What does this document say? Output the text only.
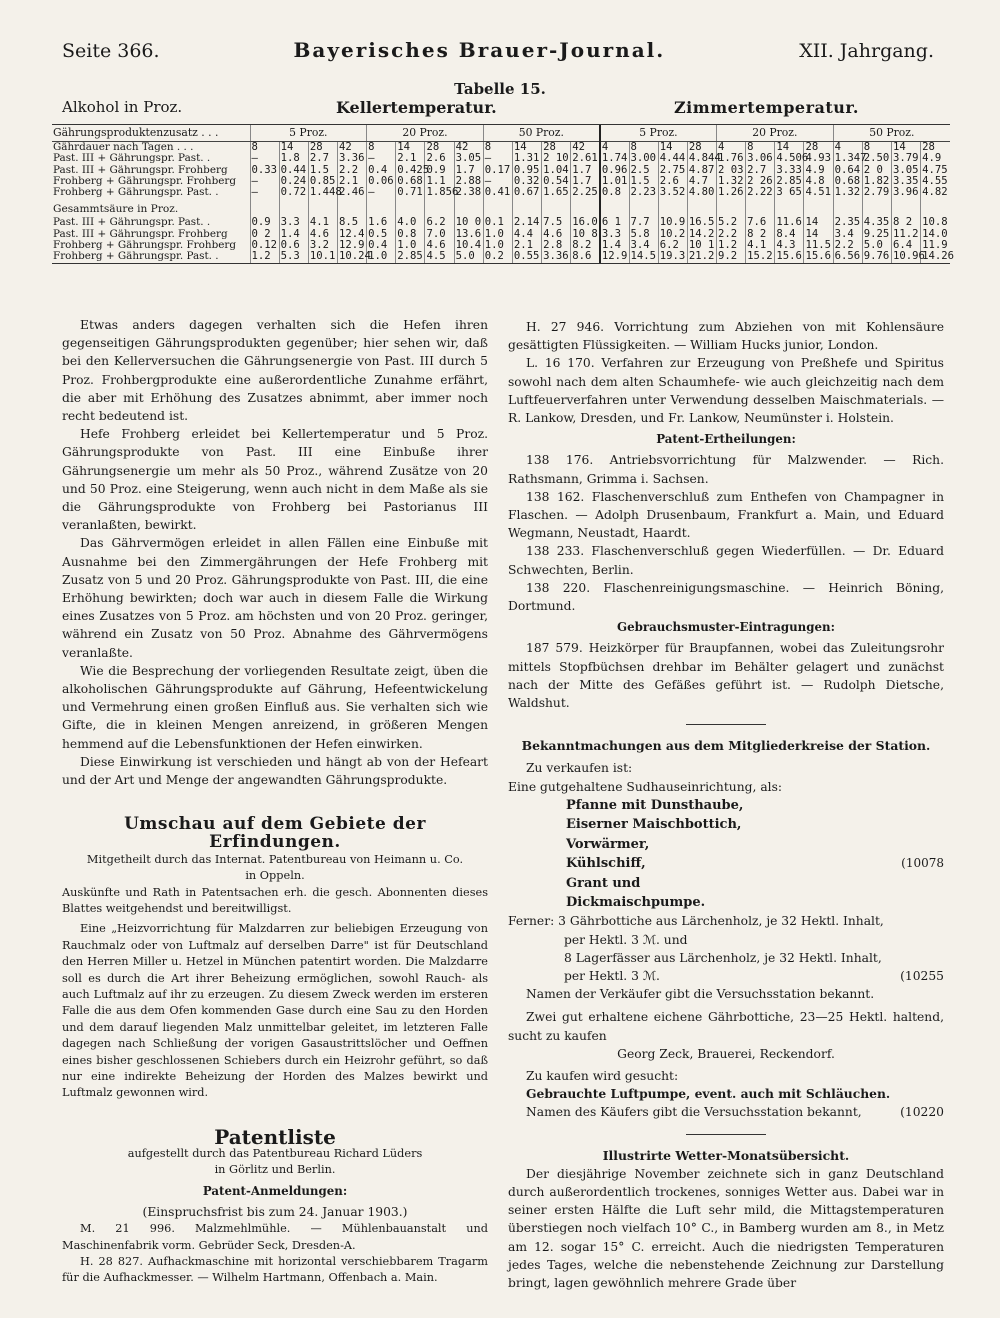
Seite 366.	Bayerisches Brauer-Journal.	XII. Jahrgang.
Tabelle 15.
Alkohol in Proz.	Kellertemperatur.	Zimmertemperatur.
Gährungsproduktenzusatz . . .	5 Proz.				20 Proz.				50 Proz.				5 Proz.				20 Proz.				50 Proz.			
Gährdauer nach Tagen . . .	8	14	28	42	8	14	28	42	8	14	28	42	4	8	14	28	4	8	14	28	4	8	14	28
Past. III + Gährungspr. Past. .	—	1.8	2.7	3.36	—	2.1	2.6	3.05	—	1.31	2 10	2.61	1.74	3.00	4.44	4.844	1.76	3.06	4.506	4.93	1.347	2.50	3.79	4.9
Past. III + Gährungspr. Frohberg	0.33	0.44	1.5	2.2	0.4	0.425	0.9	1.7	0.17	0.95	1.04	1.7	0.96	2.5	2.75	4.87	2 03	2.7	3.33	4.9	0.64	2 0	3.05	4.75
Frohberg + Gährungspr. Frohberg	—	0.24	0.85	2.1	0.06	0.68	1.1	2.88	—	0.32	0.54	1.7	1.01	1.5	2.6	4.7	1.32	2 26	2.85	4.8	0.68	1.82	3.35	4.55
Frohberg + Gährungspr. Past. .	—	0.72	1.448	2.46	—	0.71	1.856	2.38	0.41	0.67	1.65	2.25	0.8	2.23	3.52	4.80	1.26	2.22	3 65	4.51	1.32	2.79	3.96	4.82
Gesammtsäure in Proz.																								
Past. III + Gährungspr. Past. .	0.9	3.3	4.1	8.5	1.6	4.0	6.2	10 0	0.1	2.14	7.5	16.0	6 1	7.7	10.9	16.5	5.2	7.6	11.6	14	2.35	4.35	8 2	10.8
Past. III + Gährungspr. Frohberg	0 2	1.4	4.6	12.4	0.5	0.8	7.0	13.6	1.0	4.4	4.6	10 8	3.3	5.8	10.2	14.2	2.2	8 2	8.4	14	3.4	9.25	11.2	14.0
Frohberg + Gährungspr. Frohberg	0.12	0.6	3.2	12.9	0.4	1.0	4.6	10.4	1.0	2.1	2.8	8.2	1.4	3.4	6.2	10 1	1.2	4.1	4.3	11.5	2.2	5.0	6.4	11.9
Frohberg + Gährungspr. Past. .	1.2	5.3	10.1	10.24	1.0	2.85	4.5	5.0	0.2	0.55	3.36	8.6	12.9	14.5	19.3	21.2	9.2	15.2	15.6	15.6	6.56	9.76	10.96	14.26

Etwas anders dagegen verhalten sich die Hefen ihren gegenseitigen Gährungsprodukten gegenüber; hier sehen wir, daß bei den Kellerversuchen die Gährungsenergie von Past. III durch 5 Proz. Frohbergprodukte eine außerordentliche Zunahme erfährt, die aber mit Erhöhung des Zusatzes abnimmt, aber immer noch recht bedeutend ist.

Hefe Frohberg erleidet bei Kellertemperatur und 5 Proz. Gährungsprodukte von Past. III eine Einbuße ihrer Gährungsenergie um mehr als 50 Proz., während Zusätze von 20 und 50 Proz. eine Steigerung, wenn auch nicht in dem Maße als sie die Gährungsprodukte von Frohberg bei Pastorianus III veranlaßten, bewirkt.

Das Gährvermögen erleidet in allen Fällen eine Einbuße mit Ausnahme bei den Zimmergährungen der Hefe Frohberg mit Zusatz von 5 und 20 Proz. Gährungsprodukte von Past. III, die eine Erhöhung bewirkten; doch war auch in diesem Falle die Wirkung eines Zusatzes von 5 Proz. am höchsten und von 20 Proz. geringer, während ein Zusatz von 50 Proz. Abnahme des Gährvermögens veranlaßte.

Wie die Besprechung der vorliegenden Resultate zeigt, üben die alkoholischen Gährungsprodukte auf Gährung, Hefeentwickelung und Vermehrung einen großen Einfluß aus. Sie verhalten sich wie Gifte, die in kleinen Mengen anreizend, in größeren Mengen hemmend auf die Lebensfunktionen der Hefen einwirken.

Diese Einwirkung ist verschieden und hängt ab von der Hefeart und der Art und Menge der angewandten Gährungsprodukte.

Umschau auf dem Gebiete der Erfindungen.
Mitgetheilt durch das Internat. Patentbureau von Heimann u. Co.
in Oppeln.
Auskünfte und Rath in Patentsachen erh. die gesch. Abonnenten dieses Blattes weitgehendst und bereitwilligst.

Eine „Heizvorrichtung für Malzdarren zur beliebigen Erzeugung von Rauchmalz oder von Luftmalz auf derselben Darre" ist für Deutschland den Herren Miller u. Hetzel in München patentirt worden. Die Malzdarre soll es durch die Art ihrer Beheizung ermöglichen, sowohl Rauch- als auch Luftmalz auf ihr zu erzeugen. Zu diesem Zweck werden im ersteren Falle die aus dem Ofen kommenden Gase durch eine Sau zu den Horden und dem darauf liegenden Malz unmittelbar geleitet, im letzteren Falle dagegen nach Schließung der vorigen Gasaustrittslöcher und Oeffnen eines bisher geschlossenen Schiebers durch ein Heizrohr geführt, so daß nur eine indirekte Beheizung der Horden des Malzes bewirkt und Luftmalz gewonnen wird.

Patentliste
aufgestellt durch das Patentbureau Richard Lüders
in Görlitz und Berlin.
Patent-Anmeldungen:
(Einspruchsfrist bis zum 24. Januar 1903.)

M. 21 996. Malzmehlmühle. — Mühlenbauanstalt und Maschinenfabrik vorm. Gebrüder Seck, Dresden-A.

H. 28 827. Aufhackmaschine mit horizontal verschiebbarem Tragarm für die Aufhackmesser. — Wilhelm Hartmann, Offenbach a. Main.

H. 27 946. Vorrichtung zum Abziehen von mit Kohlensäure gesättigten Flüssigkeiten. — William Hucks junior, London.

L. 16 170. Verfahren zur Erzeugung von Preßhefe und Spiritus sowohl nach dem alten Schaumhefe- wie auch gleichzeitig nach dem Luftfeuerverfahren unter Verwendung desselben Maischmaterials. — R. Lankow, Dresden, und Fr. Lankow, Neumünster i. Holstein.

Patent-Ertheilungen:

138 176. Antriebsvorrichtung für Malzwender. — Rich. Rathsmann, Grimma i. Sachsen.

138 162. Flaschenverschluß zum Enthefen von Champagner in Flaschen. — Adolph Drusenbaum, Frankfurt a. Main, und Eduard Wegmann, Neustadt, Haardt.

138 233. Flaschenverschluß gegen Wiederfüllen. — Dr. Eduard Schwechten, Berlin.

138 220. Flaschenreinigungsmaschine. — Heinrich Böning, Dortmund.

Gebrauchsmuster-Eintragungen:

187 579. Heizkörper für Braupfannen, wobei das Zuleitungsrohr mittels Stopfbüchsen drehbar im Behälter gelagert und zunächst nach der Mitte des Gefäßes geführt ist. — Rudolph Dietsche, Waldshut.

Bekanntmachungen aus dem Mitgliederkreise der Station.

Zu verkaufen ist:

Eine gutgehaltene Sudhauseinrichtung, als:

Pfanne mit Dunsthaube,
Eiserner Maischbottich,
Vorwärmer,
Kühlschiff,	(10078
Grant und
Dickmaischpumpe.

Ferner: 3 Gährbottiche aus Lärchenholz, je 32 Hektl. Inhalt,

per Hektl. 3 ℳ. und

8 Lagerfässer aus Lärchenholz, je 32 Hektl. Inhalt,

per Hektl. 3 ℳ.	(10255

Namen der Verkäufer gibt die Versuchsstation bekannt.

Zwei gut erhaltene eichene Gährbottiche, 23—25 Hektl. haltend, sucht zu kaufen

Georg Zeck, Brauerei, Reckendorf.

Zu kaufen wird gesucht:

Gebrauchte Luftpumpe, event. auch mit Schläuchen.

Namen des Käufers gibt die Versuchsstation bekannt,	(10220
Illustrirte Wetter-Monatsübersicht.

Der diesjährige November zeichnete sich in ganz Deutschland durch außerordentlich trockenes, sonniges Wetter aus. Dabei war in seiner ersten Hälfte die Luft sehr mild, die Mittagstemperaturen überstiegen noch vielfach 10° C., in Bamberg wurden am 8., in Metz am 12. sogar 15° C. erreicht. Auch die niedrigsten Temperaturen jedes Tages, welche die nebenstehende Zeichnung zur Darstellung bringt, lagen gewöhnlich mehrere Grade über
